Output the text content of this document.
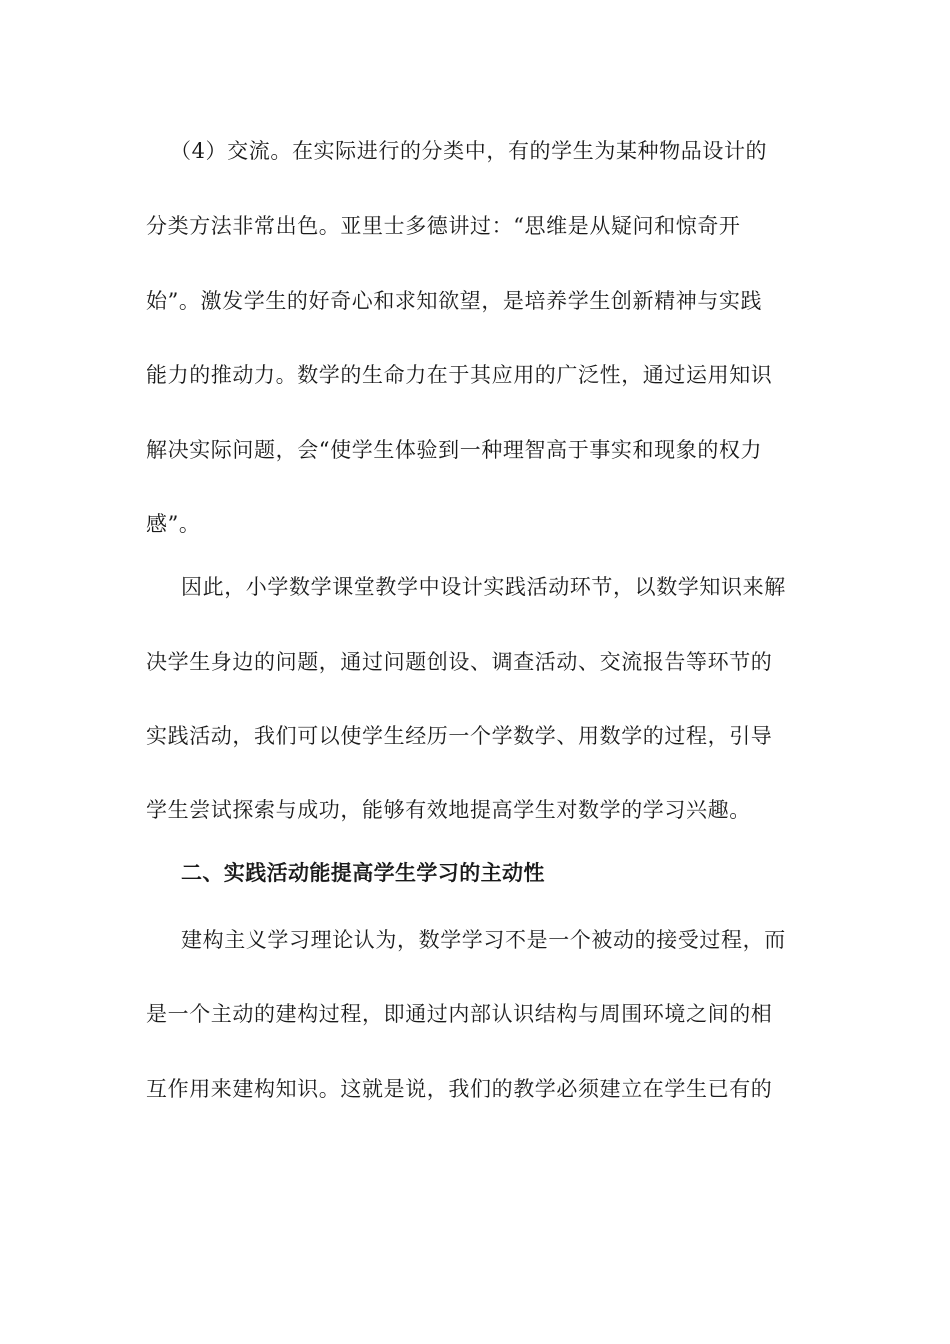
（4）交流。在实际进行的分类中，有的学生为某种物品设计的
分类方法非常出色。亚里士多德讲过：“思维是从疑问和惊奇开
始”。激发学生的好奇心和求知欲望，是培养学生创新精神与实践
能力的推动力。数学的生命力在于其应用的广泛性，通过运用知识
解决实际问题，会“使学生体验到一种理智高于事实和现象的权力
感”。
因此，小学数学课堂教学中设计实践活动环节，以数学知识来解
决学生身边的问题，通过问题创设、调查活动、交流报告等环节的
实践活动，我们可以使学生经历一个学数学、用数学的过程，引导
学生尝试探索与成功，能够有效地提高学生对数学的学习兴趣。
二、实践活动能提高学生学习的主动性
建构主义学习理论认为，数学学习不是一个被动的接受过程，而
是一个主动的建构过程，即通过内部认识结构与周围环境之间的相
互作用来建构知识。这就是说，我们的教学必须建立在学生已有的
